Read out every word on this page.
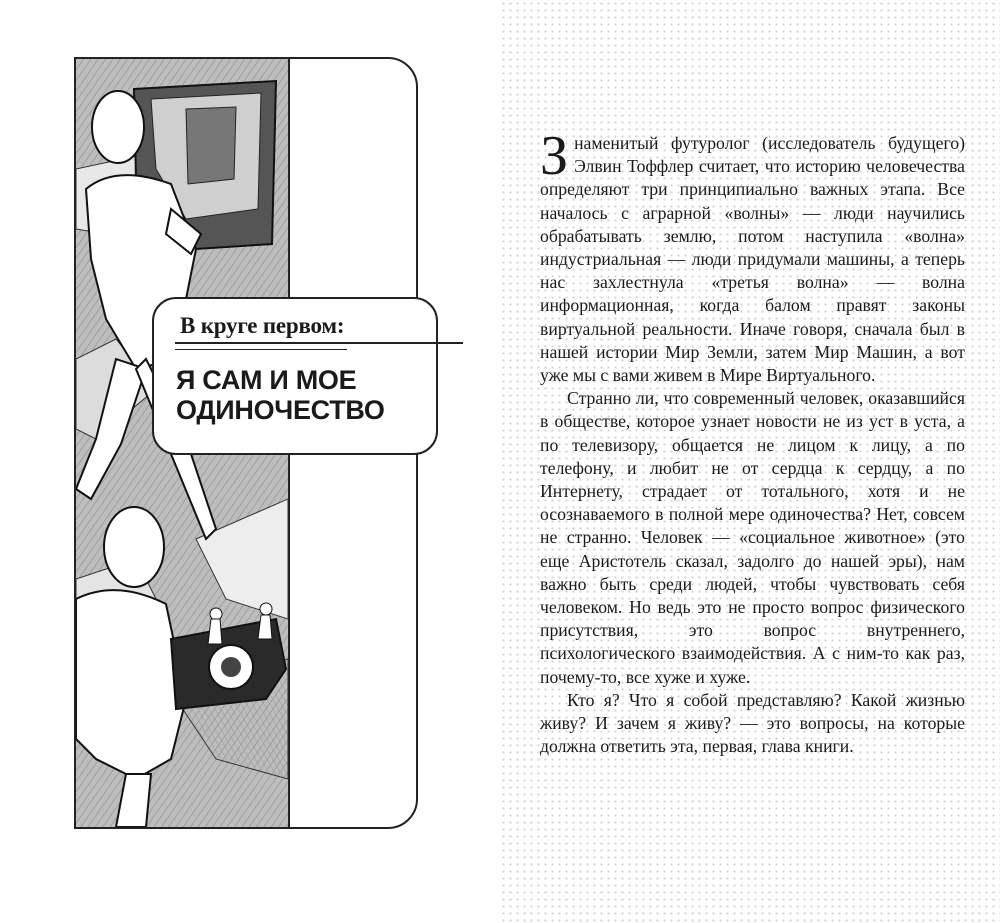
В круге первом:
Я САМ И МОЕ
ОДИНОЧЕСТВО

Знаменитый футуролог (исследователь будущего) Элвин Тоффлер считает, что историю человечества определяют три принципиально важных этапа. Все началось с аграрной «волны» — люди научились обрабатывать землю, потом наступила «волна» индустриальная — люди придумали машины, а теперь нас захлестнула «третья волна» — волна информационная, когда балом правят законы виртуальной реальности. Иначе говоря, сначала был в нашей истории Мир Земли, затем Мир Машин, а вот уже мы с вами живем в Мире Виртуального.

Странно ли, что современный человек, оказавшийся в обществе, которое узнает новости не из уст в уста, а по телевизору, общается не лицом к лицу, а по телефону, и любит не от сердца к сердцу, а по Интернету, страдает от тотального, хотя и не осознаваемого в полной мере одиночества? Нет, совсем не странно. Человек — «социальное животное» (это еще Аристотель сказал, задолго до нашей эры), нам важно быть среди людей, чтобы чувствовать себя человеком. Но ведь это не просто вопрос физического присутствия, это вопрос внутреннего, психологического взаимодействия. А с ним-то как раз, почему-то, все хуже и хуже.

Кто я? Что я собой представляю? Какой жизнью живу? И зачем я живу? — это вопросы, на которые должна ответить эта, первая, глава книги.
